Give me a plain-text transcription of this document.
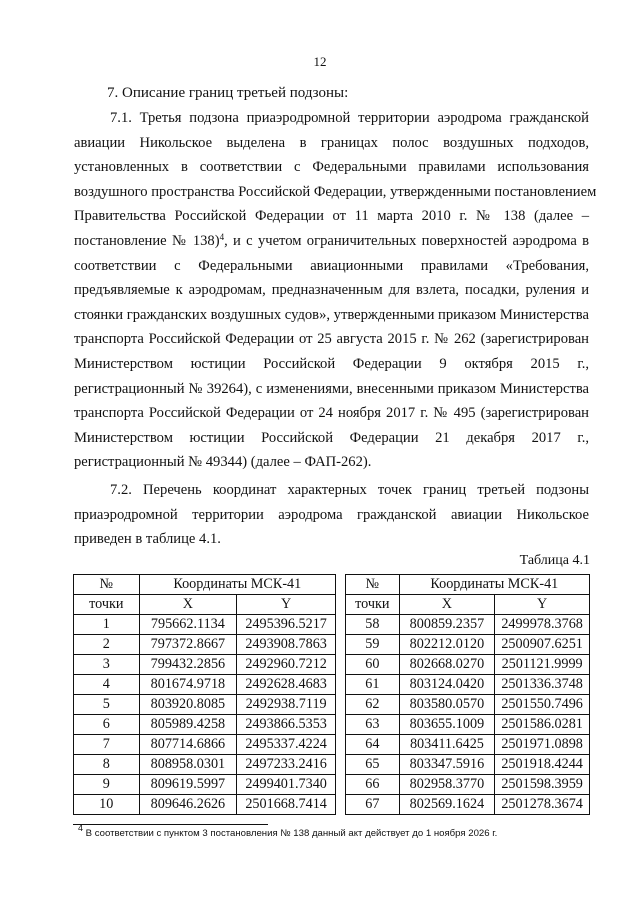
12
7. Описание границ третьей подзоны:
7.1. Третья подзона приаэродромной территории аэродрома гражданской
авиации Никольское выделена в границах полос воздушных подходов,
установленных в соответствии с Федеральными правилами использования
воздушного пространства Российской Федерации, утвержденными постановлением
Правительства Российской Федерации от 11 марта 2010 г. № 138 (далее –
постановление № 138)$^4$, и с учетом ограничительных поверхностей аэродрома в
соответствии с Федеральными авиационными правилами «Требования,
предъявляемые к аэродромам, предназначенным для взлета, посадки, руления и
стоянки гражданских воздушных судов», утвержденными приказом Министерства
транспорта Российской Федерации от 25 августа 2015 г. № 262 (зарегистрирован
Министерством юстиции Российской Федерации 9 октября 2015 г.,
регистрационный № 39264), с изменениями, внесенными приказом Министерства
транспорта Российской Федерации от 24 ноября 2017 г. № 495 (зарегистрирован
Министерством юстиции Российской Федерации 21 декабря 2017 г.,
регистрационный № 49344) (далее – ФАП-262).
7.2. Перечень координат характерных точек границ третьей подзоны
приаэродромной территории аэродрома гражданской авиации Никольское
приведен в таблице 4.1.
Таблица 4.1
№	Координаты МСК-41	
точки	X	Y
1	795662.1134	2495396.5217
2	797372.8667	2493908.7863
3	799432.2856	2492960.7212
4	801674.9718	2492628.4683
5	803920.8085	2492938.7119
6	805989.4258	2493866.5353
7	807714.6866	2495337.4224
8	808958.0301	2497233.2416
9	809619.5997	2499401.7340
10	809646.2626	2501668.7414
№	Координаты МСК-41	
точки	X	Y
58	800859.2357	2499978.3768
59	802212.0120	2500907.6251
60	802668.0270	2501121.9999
61	803124.0420	2501336.3748
62	803580.0570	2501550.7496
63	803655.1009	2501586.0281
64	803411.6425	2501971.0898
65	803347.5916	2501918.4244
66	802958.3770	2501598.3959
67	802569.1624	2501278.3674
$^4$ В соответствии с пунктом 3 постановления № 138 данный акт действует до 1 ноября 2026 г.
